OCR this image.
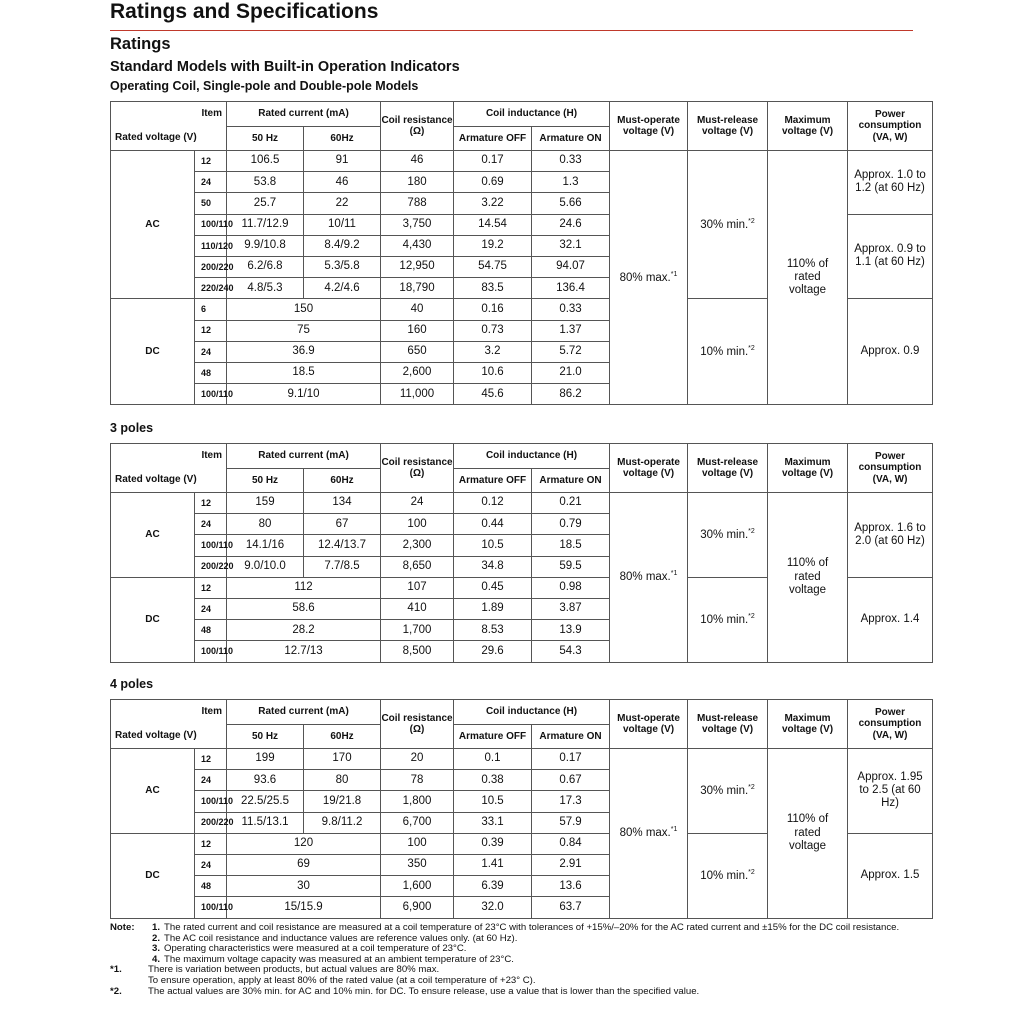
Ratings and Specifications
Ratings
Standard Models with Built-in Operation Indicators
Operating Coil, Single-pole and Double-pole Models
Item		Rated current (mA)		Coil resistance (Ω)	Coil inductance (H)		Must-operate voltage (V)	Must-release voltage (V)	Maximum voltage (V)	Power consumption (VA, W)
Rated voltage (V)		50 Hz	60Hz		Armature OFF	Armature ON				
AC	12	106.5	91	46	0.17	0.33	80% max.$^{*1}$	30% min.$^{*2}$	110% of rated voltage	Approx. 1.0 to 1.2 (at 60 Hz)
	24	53.8	46	180	0.69	1.3				
	50	25.7	22	788	3.22	5.66				
	100/110	11.7/12.9	10/11	3,750	14.54	24.6				Approx. 0.9 to 1.1 (at 60 Hz)
	110/120	9.9/10.8	8.4/9.2	4,430	19.2	32.1				
	200/220	6.2/6.8	5.3/5.8	12,950	54.75	94.07				
	220/240	4.8/5.3	4.2/4.6	18,790	83.5	136.4				
DC	6	150		40	0.16	0.33		10% min.$^{*2}$		Approx. 0.9
	12	75		160	0.73	1.37				
	24	36.9		650	3.2	5.72				
	48	18.5		2,600	10.6	21.0				
	100/110	9.1/10		11,000	45.6	86.2				
3 poles
Item		Rated current (mA)		Coil resistance (Ω)	Coil inductance (H)		Must-operate voltage (V)	Must-release voltage (V)	Maximum voltage (V)	Power consumption (VA, W)
Rated voltage (V)		50 Hz	60Hz		Armature OFF	Armature ON				
AC	12	159	134	24	0.12	0.21	80% max.$^{*1}$	30% min.$^{*2}$	110% of rated voltage	Approx. 1.6 to 2.0 (at 60 Hz)
	24	80	67	100	0.44	0.79				
	100/110	14.1/16	12.4/13.7	2,300	10.5	18.5				
	200/220	9.0/10.0	7.7/8.5	8,650	34.8	59.5				
DC	12	112		107	0.45	0.98		10% min.$^{*2}$		Approx. 1.4
	24	58.6		410	1.89	3.87				
	48	28.2		1,700	8.53	13.9				
	100/110	12.7/13		8,500	29.6	54.3				
4 poles
Item		Rated current (mA)		Coil resistance (Ω)	Coil inductance (H)		Must-operate voltage (V)	Must-release voltage (V)	Maximum voltage (V)	Power consumption (VA, W)
Rated voltage (V)		50 Hz	60Hz		Armature OFF	Armature ON				
AC	12	199	170	20	0.1	0.17	80% max.$^{*1}$	30% min.$^{*2}$	110% of rated voltage	Approx. 1.95 to 2.5 (at 60 Hz)
	24	93.6	80	78	0.38	0.67				
	100/110	22.5/25.5	19/21.8	1,800	10.5	17.3				
	200/220	11.5/13.1	9.8/11.2	6,700	33.1	57.9				
DC	12	120		100	0.39	0.84		10% min.$^{*2}$		Approx. 1.5
	24	69		350	1.41	2.91				
	48	30		1,600	6.39	13.6				
	100/110	15/15.9		6,900	32.0	63.7				
Note:	1. The rated current and coil resistance are measured at a coil temperature of 23°C with tolerances of +15%/–20% for the AC rated current and ±15% for the DC coil resistance.
2. The AC coil resistance and inductance values are reference values only. (at 60 Hz).
3. Operating characteristics were measured at a coil temperature of 23°C.
4. The maximum voltage capacity was measured at an ambient temperature of 23°C.
*1.	There is variation between products, but actual values are 80% max.
To ensure operation, apply at least 80% of the rated value (at a coil temperature of +23° C).
*2.	The actual values are 30% min. for AC and 10% min. for DC. To ensure release, use a value that is lower than the specified value.
